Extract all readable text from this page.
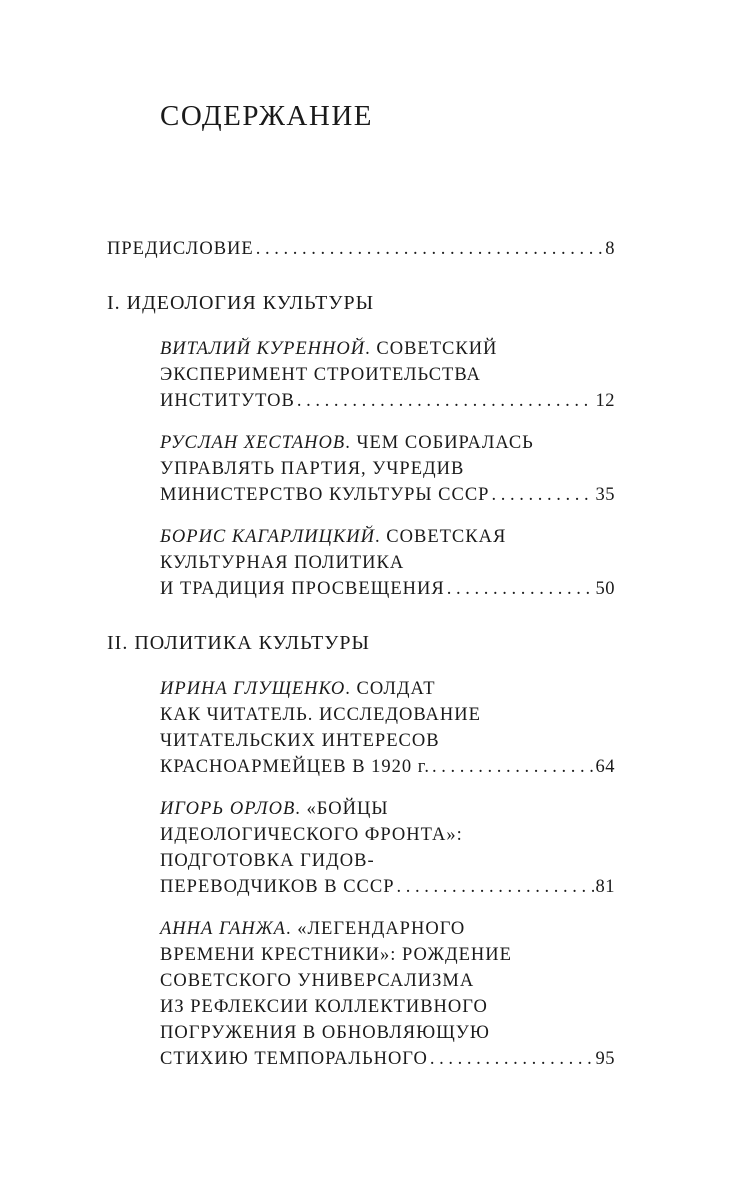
СОДЕРЖАНИЕ
ПРЕДИСЛОВИЕ . . .	8
I. ИДЕОЛОГИЯ КУЛЬТУРЫ
ВИТАЛИЙ КУРЕННОЙ . СОВЕТСКИЙ
ЭКСПЕРИМЕНТ СТРОИТЕЛЬСТВА
ИНСТИТУТОВ . . .	12
РУСЛАН ХЕСТАНОВ . ЧЕМ СОБИРАЛАСЬ
УПРАВЛЯТЬ ПАРТИЯ, УЧРЕДИВ
МИНИСТЕРСТВО КУЛЬТУРЫ СССР . . .	35
БОРИС КАГАРЛИЦКИЙ . СОВЕТСКАЯ
КУЛЬТУРНАЯ ПОЛИТИКА
И ТРАДИЦИЯ ПРОСВЕЩЕНИЯ . . .	50
II. ПОЛИТИКА КУЛЬТУРЫ
ИРИНА ГЛУЩЕНКО . СОЛДАТ
КАК ЧИТАТЕЛЬ. ИССЛЕДОВАНИЕ
ЧИТАТЕЛЬСКИХ ИНТЕРЕСОВ
КРАСНОАРМЕЙЦЕВ В 1920 г. . . .	64
ИГОРЬ ОРЛОВ . «БОЙЦЫ
ИДЕОЛОГИЧЕСКОГО ФРОНТА»:
ПОДГОТОВКА ГИДОВ-
ПЕРЕВОДЧИКОВ В СССР . . .	81
АННА ГАНЖА . «ЛЕГЕНДАРНОГО
ВРЕМЕНИ КРЕСТНИКИ»: РОЖДЕНИЕ
СОВЕТСКОГО УНИВЕРСАЛИЗМА
ИЗ РЕФЛЕКСИИ КОЛЛЕКТИВНОГО
ПОГРУЖЕНИЯ В ОБНОВЛЯЮЩУЮ
СТИХИЮ ТЕМПОРАЛЬНОГО . . .	95
